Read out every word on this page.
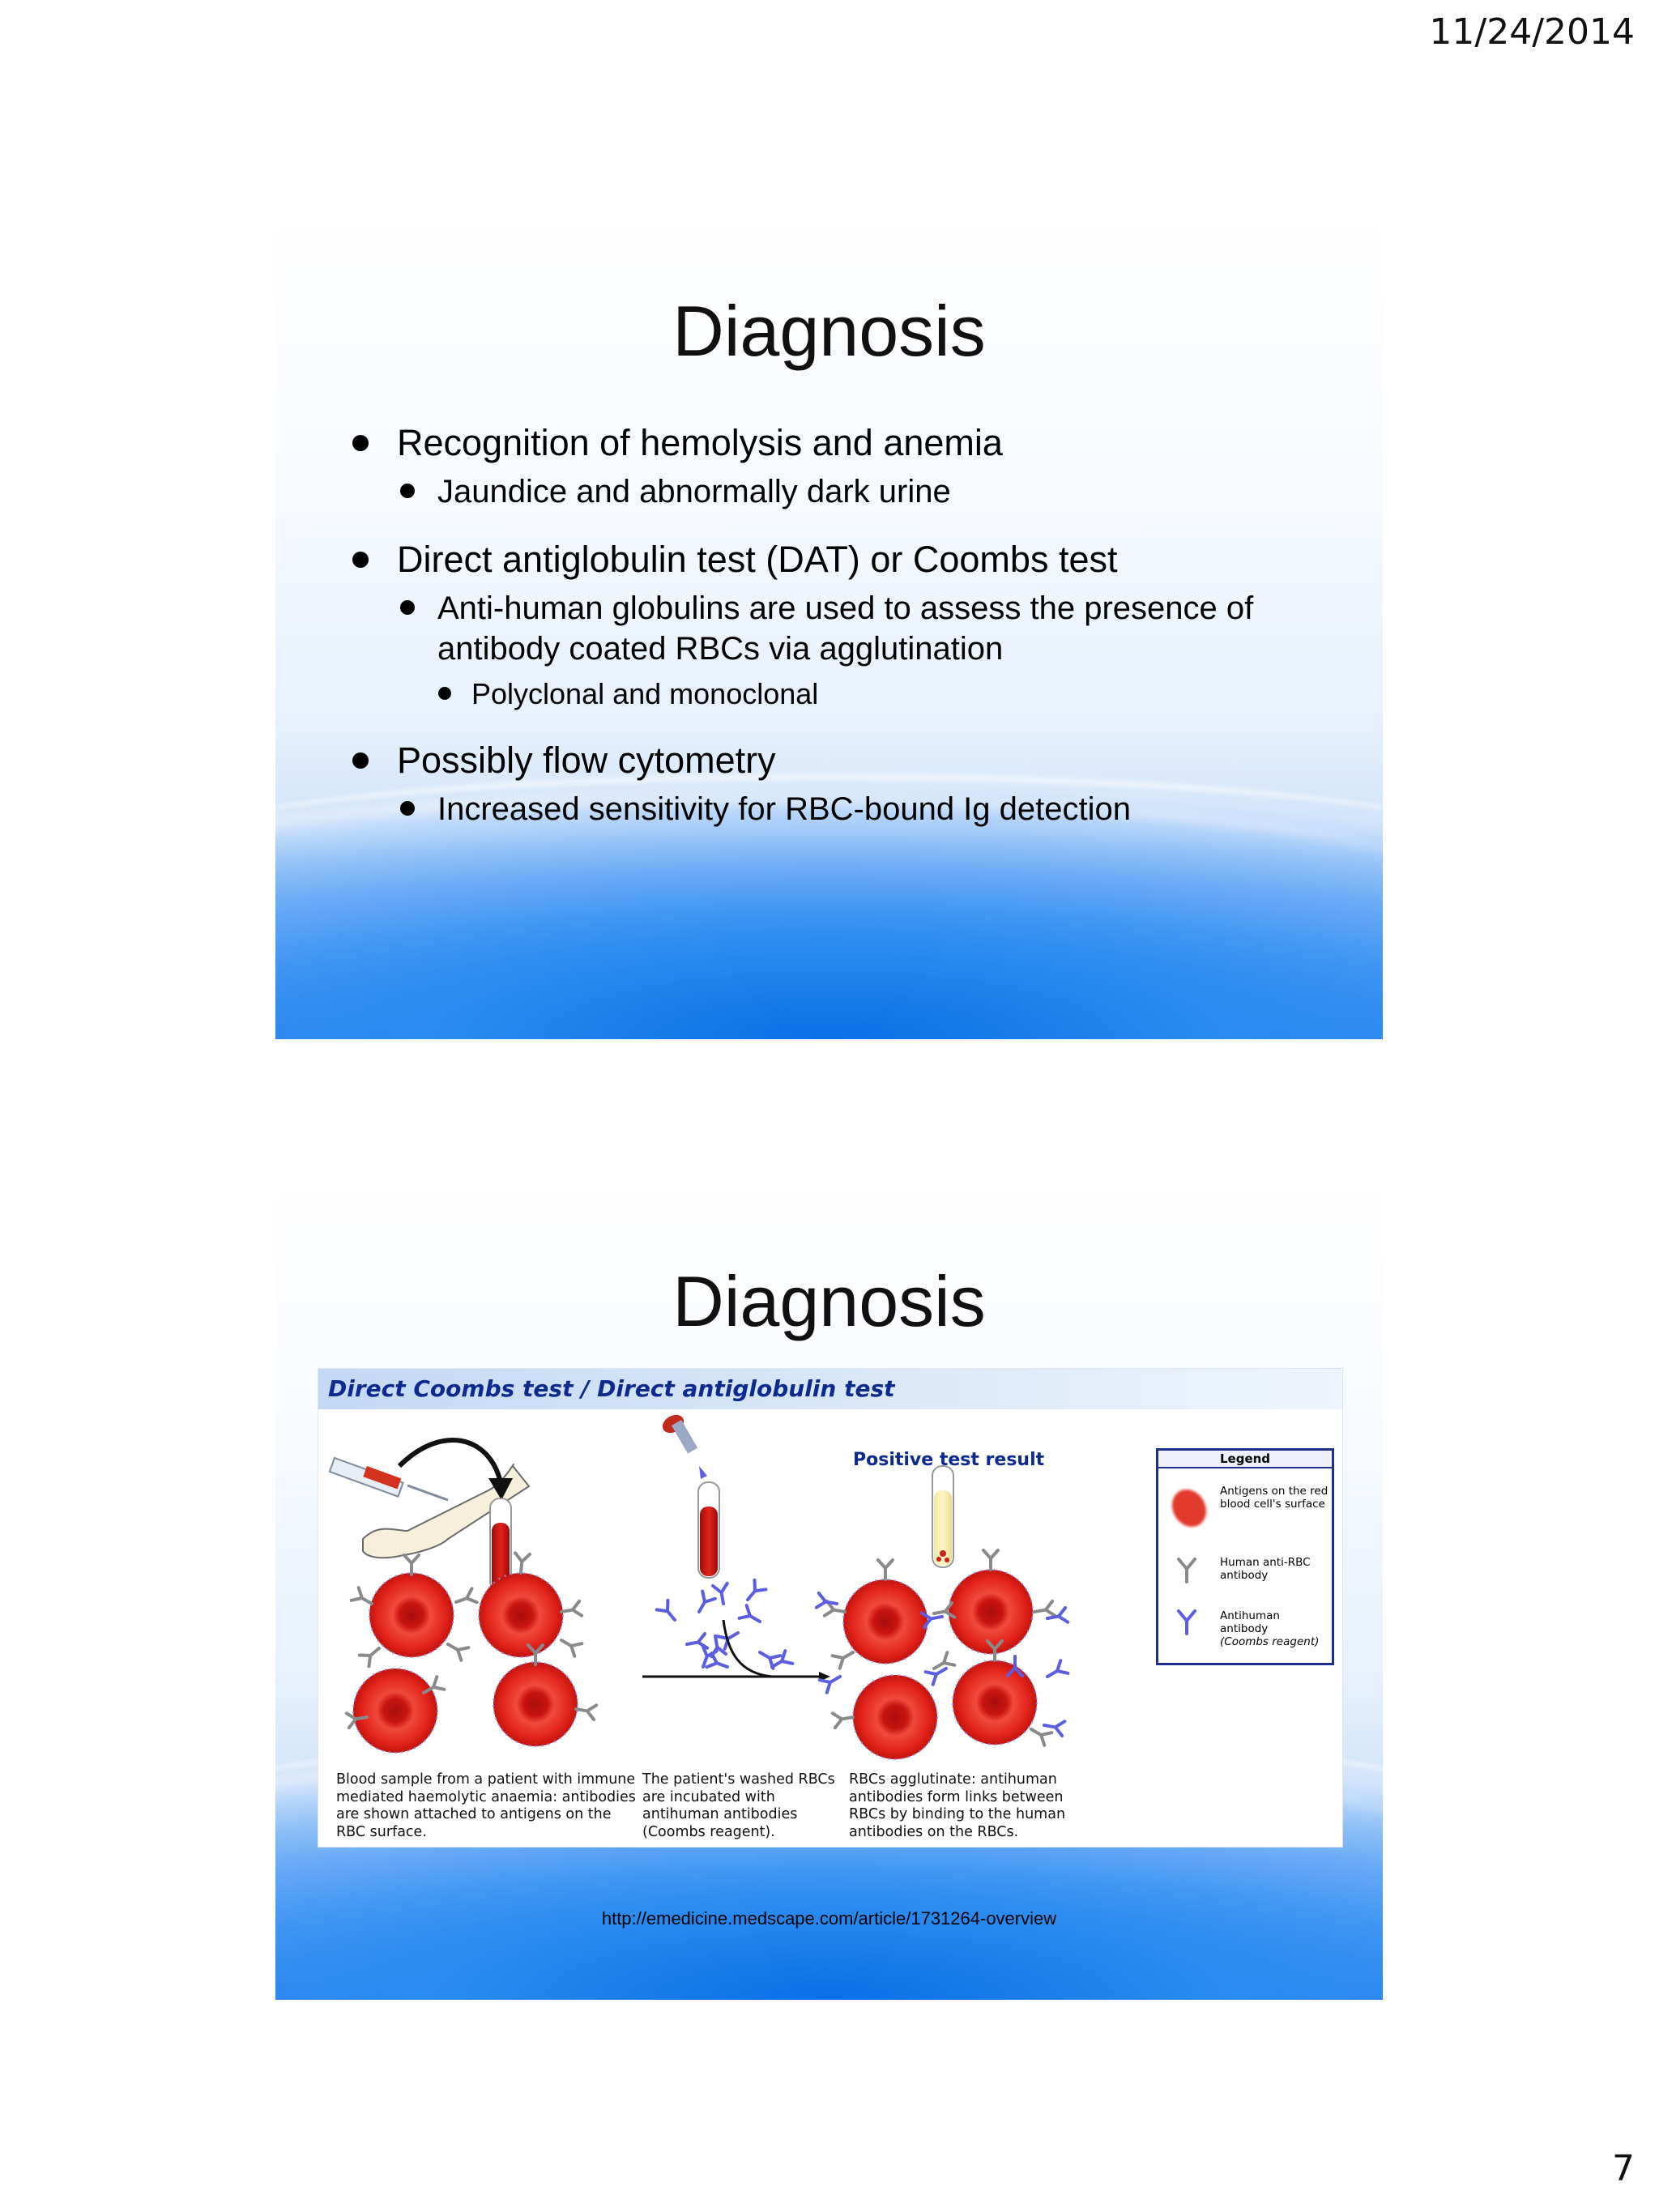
11/24/2014
Diagnosis
Recognition of hemolysis and anemia
Jaundice and abnormally dark urine
Direct antiglobulin test (DAT) or Coombs test
Anti-human globulins are used to assess the presence of antibody coated RBCs via agglutination
Polyclonal and monoclonal
Possibly flow cytometry
Increased sensitivity for RBC-bound Ig detection
Diagnosis
Direct Coombs test / Direct antiglobulin test
Positive test result	Legend
Antigens on the red blood cell's surface
Human anti-RBC antibody
Antihuman antibody
(Coombs reagent)
Blood sample from a patient with immune mediated haemolytic anaemia: antibodies are shown attached to antigens on the RBC surface.
The patient's washed RBCs are incubated with antihuman antibodies (Coombs reagent).
RBCs agglutinate: antihuman antibodies form links between RBCs by binding to the human antibodies on the RBCs.
http://emedicine.medscape.com/article/1731264-overview
7
